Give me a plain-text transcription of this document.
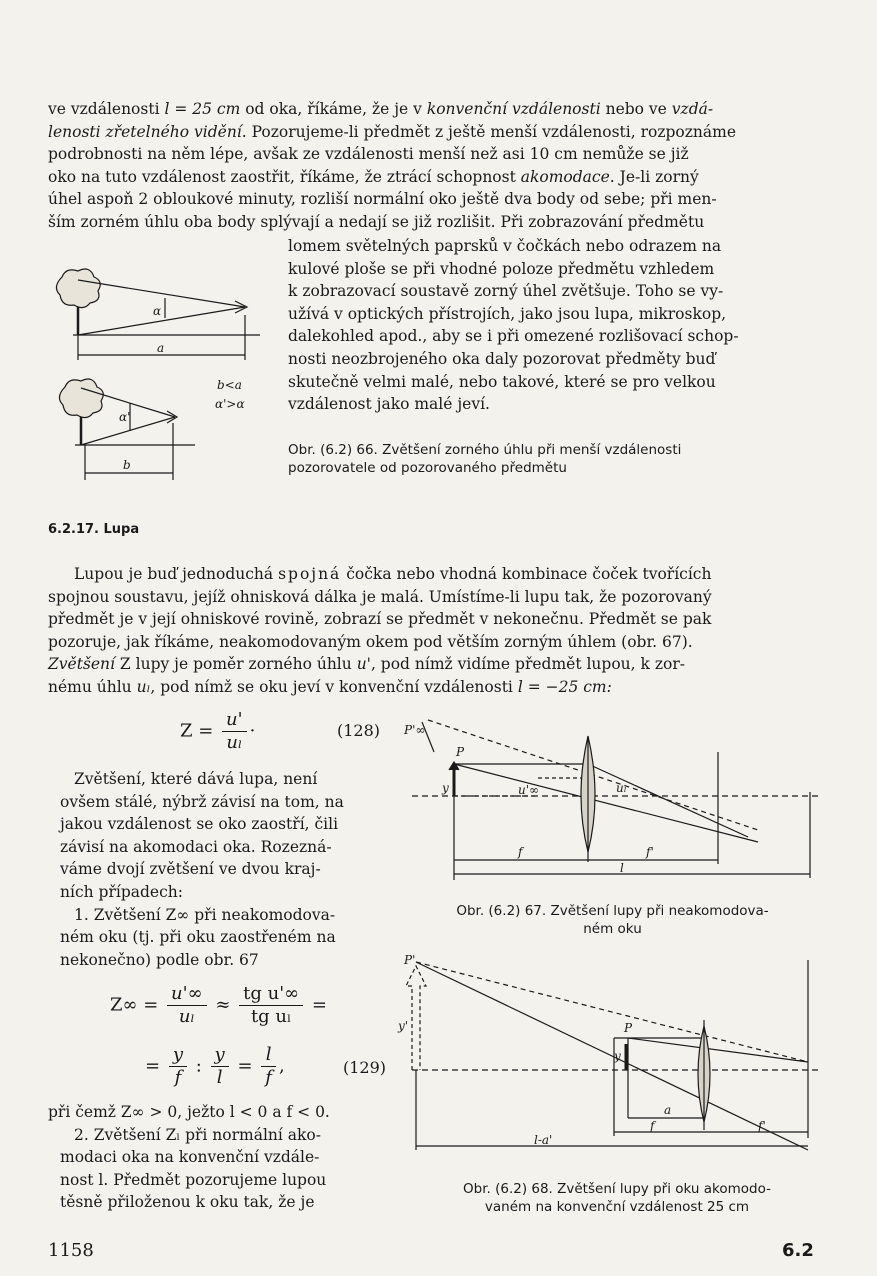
ve vzdálenosti l = 25 cm od oka, říkáme, že je v konvenční vzdálenosti nebo ve vzdá-
lenosti zřetelného vidění. Pozorujeme-li předmět z ještě menší vzdálenosti, rozpoznáme
podrobnosti na něm lépe, avšak ze vzdálenosti menší než asi 10 cm nemůže se již
oko na tuto vzdálenost zaostřit, říkáme, že ztrácí schopnost akomodace. Je-li zorný
úhel aspoň 2 obloukové minuty, rozliší normální oko ještě dva body od sebe; při men-
ším zorném úhlu oba body splývají a nedají se již rozlišit. Při zobrazování předmětu
lomem světelných paprsků v čočkách nebo odrazem na
kulové ploše se při vhodné poloze předmětu vzhledem
k zobrazovací soustavě zorný úhel zvětšuje. Toho se vy-
užívá v optických přístrojích, jako jsou lupa, mikroskop,
dalekohled apod., aby se i při omezené rozlišovací schop-
nosti neozbrojeného oka daly pozorovat předměty buď
skutečně velmi malé, nebo takové, které se pro velkou
vzdálenost jako malé jeví.
α
a
α'
b
b<a
α'>α
Obr. (6.2) 66. Zvětšení zorného úhlu při menší vzdálenosti
pozorovatele od pozorovaného předmětu
6.2.17. Lupa
Lupou je buď jednoduchá spojná čočka nebo vhodná kombinace čoček tvořících
spojnou soustavu, jejíž ohnisková dálka je malá. Umístíme-li lupu tak, že pozorovaný
předmět je v její ohniskové rovině, zobrazí se předmět v nekonečnu. Předmět se pak
pozoruje, jak říkáme, neakomodovaným okem pod větším zorným úhlem (obr. 67).
Zvětšení Z lupy je poměr zorného úhlu u', pod nímž vidíme předmět lupou, k zor-
nému úhlu uₗ, pod nímž se oku jeví v konvenční vzdálenosti l = −25 cm:
$Z = \frac{u'}{\text{uₗ}}$ ·	(128)
Zvětšení, které dává lupa, není
ovšem stálé, nýbrž závisí na tom, na
jakou vzdálenost se oko zaostří, čili
závisí na akomodaci oka. Rozezná-
váme dvojí zvětšení ve dvou kraj-
ních případech:
1. Zvětšení Z∞ při neakomodova-
ném oku (tj. při oku zaostřeném na
nekonečno) podle obr. 67
$Z\infty = \frac{u'\infty}{\text{uₗ}} \approx \frac{\text{tg u'∞}}{\text{tg uₗ}}$ =
= $\frac{y}{f}$ : $\frac{y}{l} = \frac{l}{f}$ ,	(129)
při čemž Z∞ > 0, ježto l < 0 a f < 0.
2. Zvětšení Zₗ při normální ako-
modaci oka na konvenční vzdále-
nost l. Předmět pozorujeme lupou
těsně přiloženou k oku tak, že je
P'∞
P
y	u'∞	uₗ
f	f'
l
Obr. (6.2) 67. Zvětšení lupy při neakomodova-
ném oku
P'
y'	P
y
a
f	f'
l-a'
Obr. (6.2) 68. Zvětšení lupy při oku akomodo-
vaném na konvenční vzdálenost 25 cm
1158	6.2
